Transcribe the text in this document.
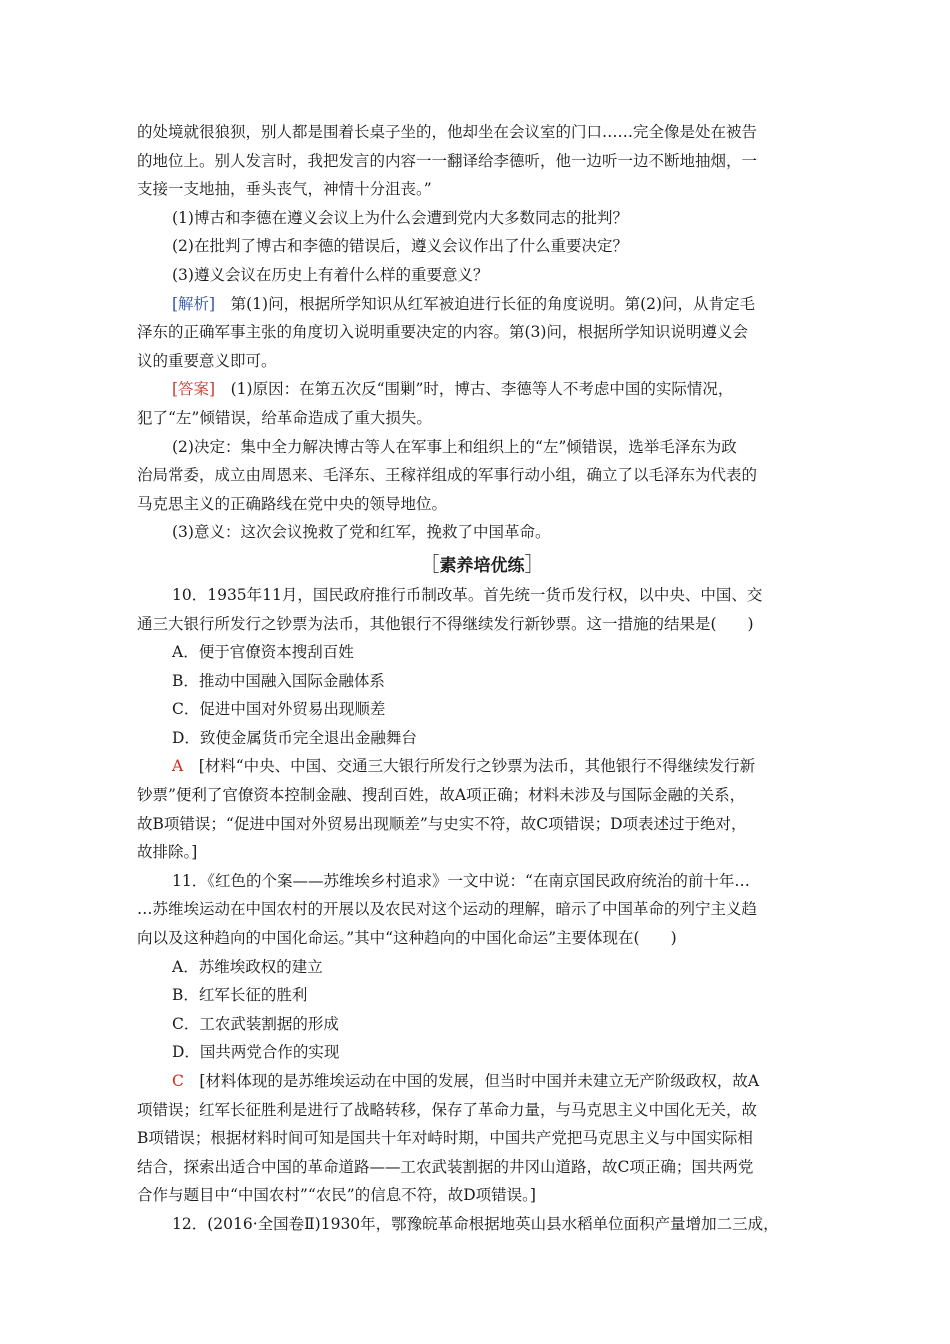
的处境就很狼狈，别人都是围着长桌子坐的，他却坐在会议室的门口……完全像是处在被告

的地位上。别人发言时，我把发言的内容一一翻译给李德听，他一边听一边不断地抽烟，一

支接一支地抽，垂头丧气，神情十分沮丧。”

(1)博古和李德在遵义会议上为什么会遭到党内大多数同志的批判？

(2)在批判了博古和李德的错误后，遵义会议作出了什么重要决定？

(3)遵义会议在历史上有着什么样的重要意义？

[解析]　第(1)问，根据所学知识从红军被迫进行长征的角度说明。第(2)问，从肯定毛

泽东的正确军事主张的角度切入说明重要决定的内容。第(3)问，根据所学知识说明遵义会

议的重要意义即可。

[答案]　(1)原因：在第五次反“围剿”时，博古、李德等人不考虑中国的实际情况，

犯了“左”倾错误，给革命造成了重大损失。

(2)决定：集中全力解决博古等人在军事上和组织上的“左”倾错误，选举毛泽东为政

治局常委，成立由周恩来、毛泽东、王稼祥组成的军事行动小组，确立了以毛泽东为代表的

马克思主义的正确路线在党中央的领导地位。

(3)意义：这次会议挽救了党和红军，挽救了中国革命。

［素养培优练］

10．1935年11月，国民政府推行币制改革。首先统一货币发行权，以中央、中国、交

通三大银行所发行之钞票为法币，其他银行不得继续发行新钞票。这一措施的结果是(　　)

A．便于官僚资本搜刮百姓

B．推动中国融入国际金融体系

C．促进中国对外贸易出现顺差

D．致使金属货币完全退出金融舞台

A　[材料“中央、中国、交通三大银行所发行之钞票为法币，其他银行不得继续发行新

钞票”便利了官僚资本控制金融、搜刮百姓，故A项正确；材料未涉及与国际金融的关系，

故B项错误；“促进中国对外贸易出现顺差”与史实不符，故C项错误；D项表述过于绝对，

故排除。]

11．《红色的个案——苏维埃乡村追求》一文中说：“在南京国民政府统治的前十年…

…苏维埃运动在中国农村的开展以及农民对这个运动的理解，暗示了中国革命的列宁主义趋

向以及这种趋向的中国化命运。”其中“这种趋向的中国化命运”主要体现在(　　)

A．苏维埃政权的建立

B．红军长征的胜利

C．工农武装割据的形成

D．国共两党合作的实现

C　[材料体现的是苏维埃运动在中国的发展，但当时中国并未建立无产阶级政权，故A

项错误；红军长征胜利是进行了战略转移，保存了革命力量，与马克思主义中国化无关，故

B项错误；根据材料时间可知是国共十年对峙时期，中国共产党把马克思主义与中国实际相

结合，探索出适合中国的革命道路——工农武装割据的井冈山道路，故C项正确；国共两党

合作与题目中“中国农村”“农民”的信息不符，故D项错误。]

12．(2016·全国卷Ⅱ)1930年，鄂豫皖革命根据地英山县水稻单位面积产量增加二三成，
